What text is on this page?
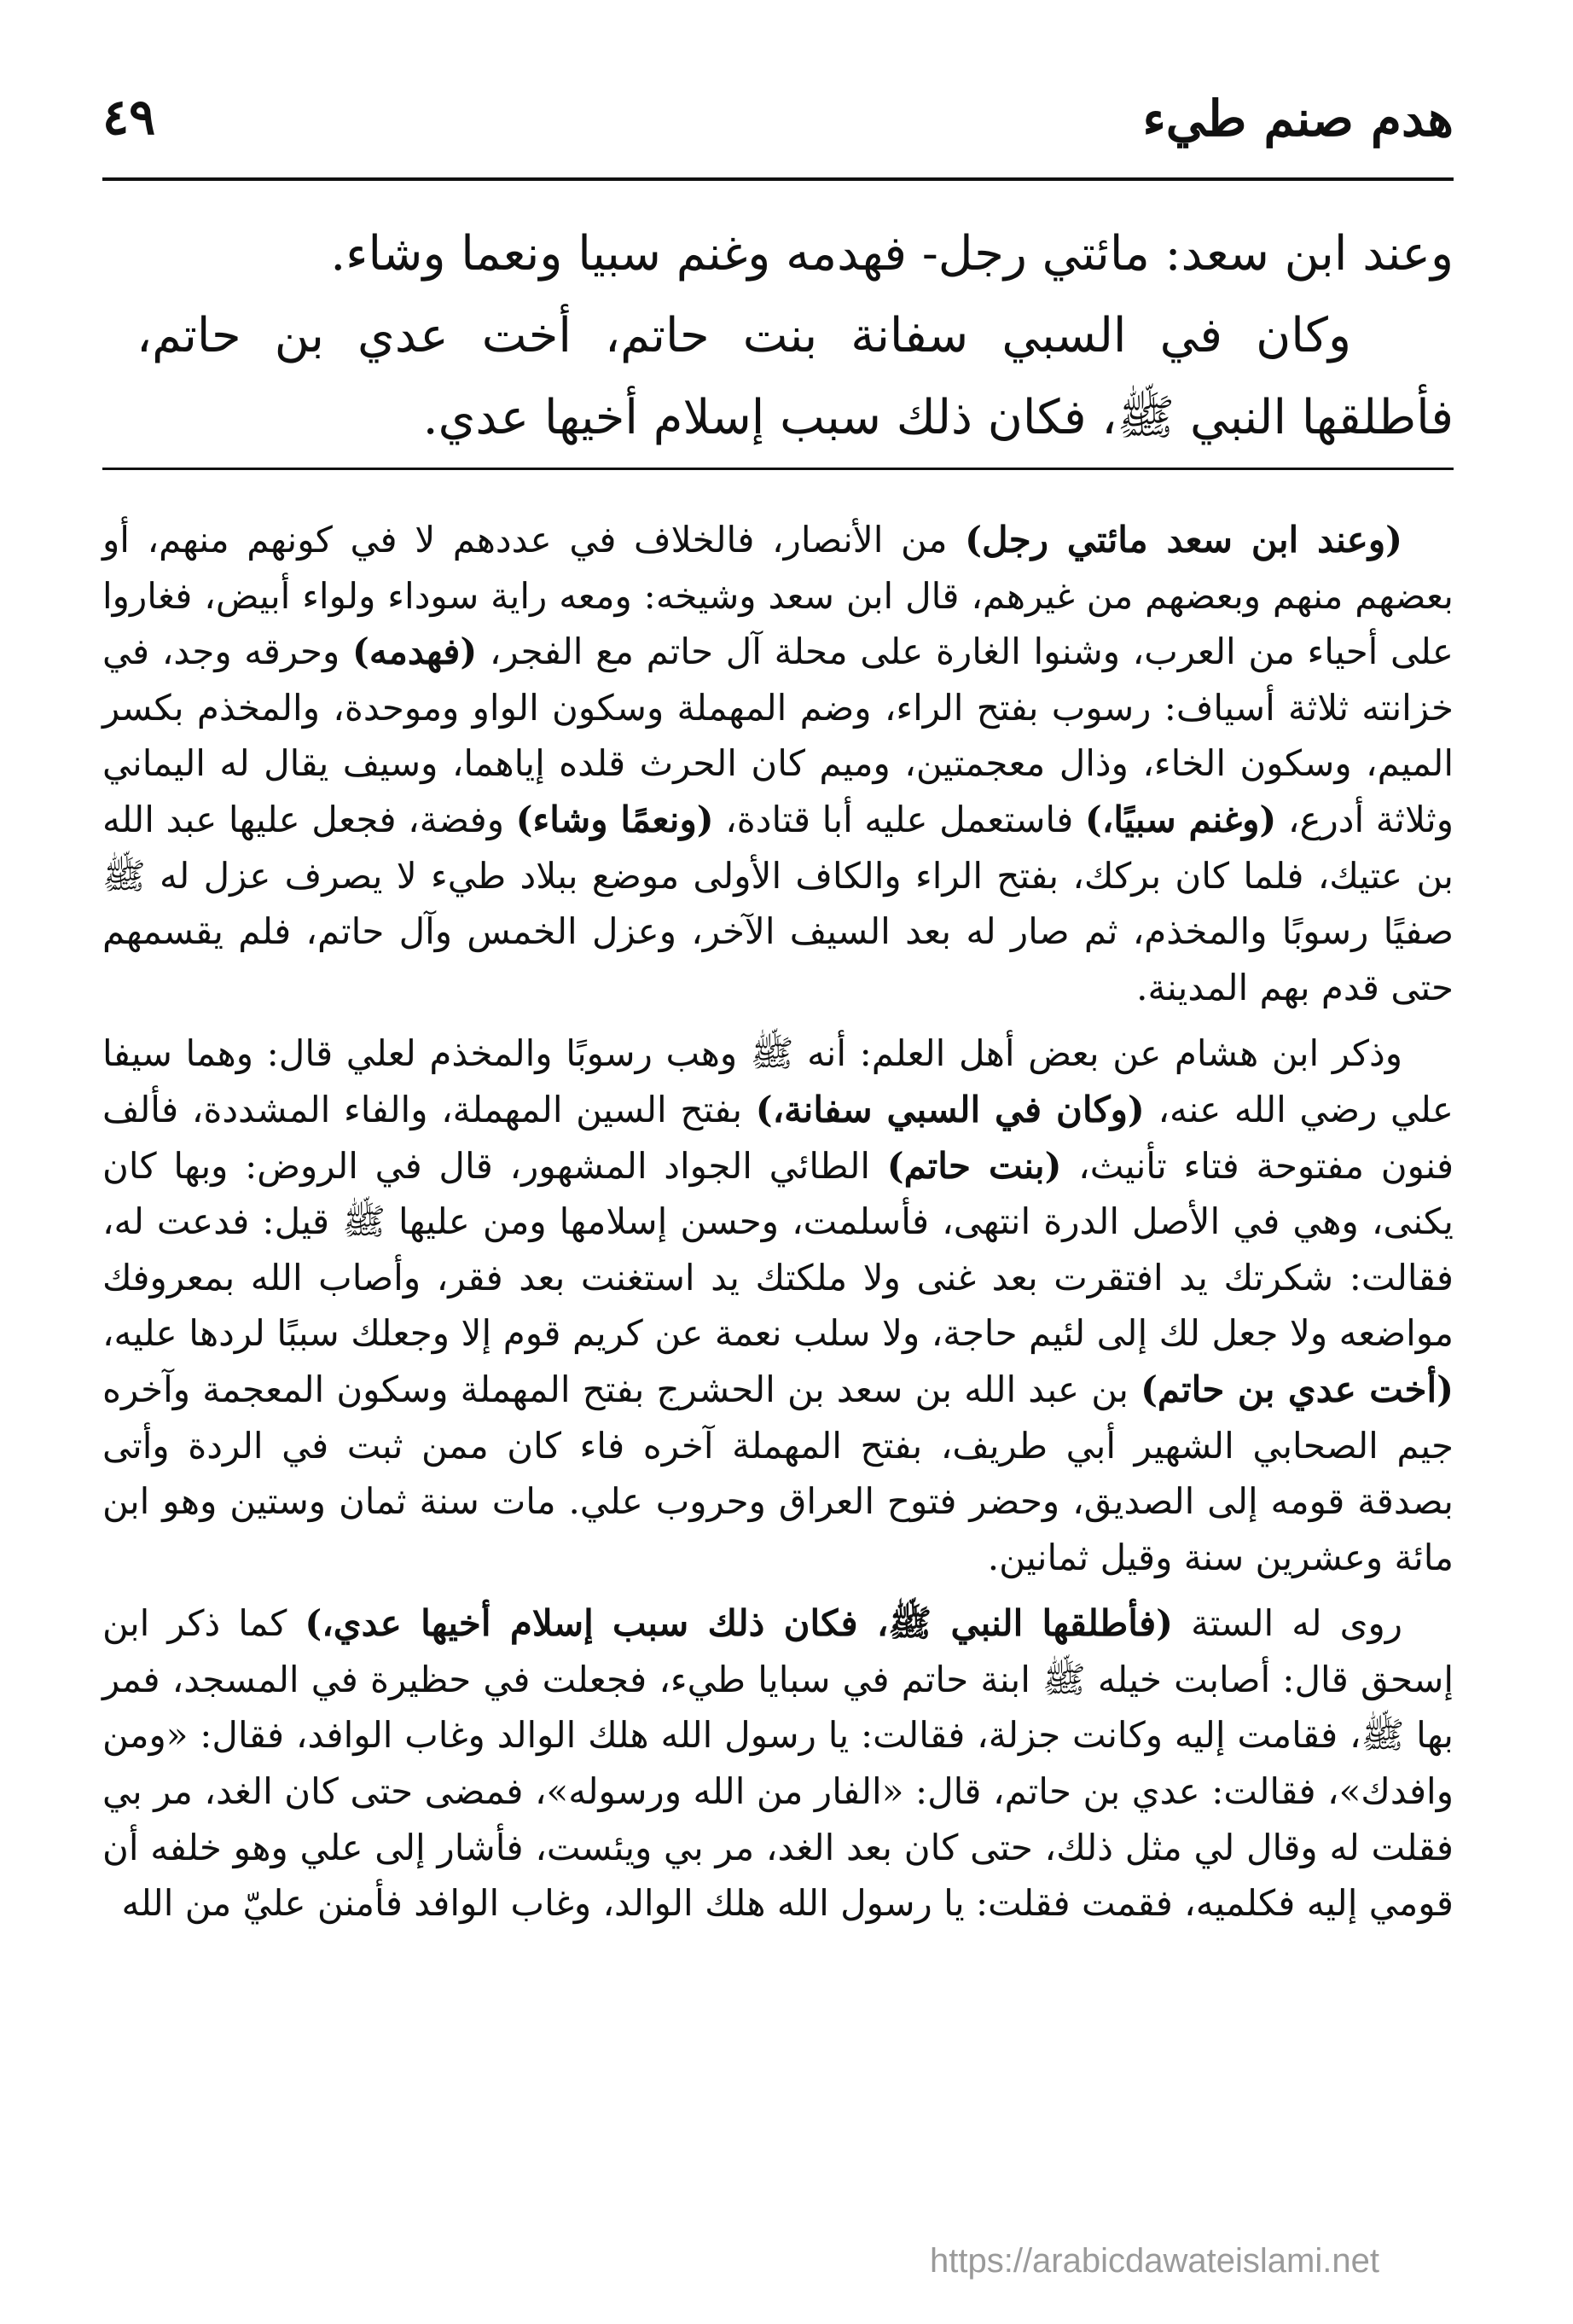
هدم صنم طيء
٤٩

وعند ابن سعد: مائتي رجل- فهدمه وغنم سبيا ونعما وشاء.

وكان في السبي سفانة بنت حاتم، أخت عدي بن حاتم، فأطلقها النبي ﷺ، فكان ذلك سبب إسلام أخيها عدي.

(وعند ابن سعد مائتي رجل) من الأنصار، فالخلاف في عددهم لا في كونهم منهم، أو بعضهم منهم وبعضهم من غيرهم، قال ابن سعد وشيخه: ومعه راية سوداء ولواء أبيض، فغاروا على أحياء من العرب، وشنوا الغارة على محلة آل حاتم مع الفجر، (فهدمه) وحرقه وجد، في خزانته ثلاثة أسياف: رسوب بفتح الراء، وضم المهملة وسكون الواو وموحدة، والمخذم بكسر الميم، وسكون الخاء، وذال معجمتين، وميم كان الحرث قلده إياهما، وسيف يقال له اليماني وثلاثة أدرع، (وغنم سبيًا،) فاستعمل عليه أبا قتادة، (ونعمًا وشاء) وفضة، فجعل عليها عبد الله بن عتيك، فلما كان بركك، بفتح الراء والكاف الأولى موضع ببلاد طيء لا يصرف عزل له ﷺ صفيًا رسوبًا والمخذم، ثم صار له بعد السيف الآخر، وعزل الخمس وآل حاتم، فلم يقسمهم حتى قدم بهم المدينة.

وذكر ابن هشام عن بعض أهل العلم: أنه ﷺ وهب رسوبًا والمخذم لعلي قال: وهما سيفا علي رضي الله عنه، (وكان في السبي سفانة،) بفتح السين المهملة، والفاء المشددة، فألف فنون مفتوحة فتاء تأنيث، (بنت حاتم) الطائي الجواد المشهور، قال في الروض: وبها كان يكنى، وهي في الأصل الدرة انتهى، فأسلمت، وحسن إسلامها ومن عليها ﷺ قيل: فدعت له، فقالت: شكرتك يد افتقرت بعد غنى ولا ملكتك يد استغنت بعد فقر، وأصاب الله بمعروفك مواضعه ولا جعل لك إلى لئيم حاجة، ولا سلب نعمة عن كريم قوم إلا وجعلك سببًا لردها عليه، (أخت عدي بن حاتم) بن عبد الله بن سعد بن الحشرج بفتح المهملة وسكون المعجمة وآخره جيم الصحابي الشهير أبي طريف، بفتح المهملة آخره فاء كان ممن ثبت في الردة وأتى بصدقة قومه إلى الصديق، وحضر فتوح العراق وحروب علي. مات سنة ثمان وستين وهو ابن مائة وعشرين سنة وقيل ثمانين.

روى له الستة (فأطلقها النبي ﷺ، فكان ذلك سبب إسلام أخيها عدي،) كما ذكر ابن إسحق قال: أصابت خيله ﷺ ابنة حاتم في سبايا طيء، فجعلت في حظيرة في المسجد، فمر بها ﷺ، فقامت إليه وكانت جزلة، فقالت: يا رسول الله هلك الوالد وغاب الوافد، فقال: «ومن وافدك»، فقالت: عدي بن حاتم، قال: «الفار من الله ورسوله»، فمضى حتى كان الغد، مر بي فقلت له وقال لي مثل ذلك، حتى كان بعد الغد، مر بي ويئست، فأشار إلى علي وهو خلفه أن قومي إليه فكلميه، فقمت فقلت: يا رسول الله هلك الوالد، وغاب الوافد فأمنن عليّ من الله

https://arabicdawateislami.net
